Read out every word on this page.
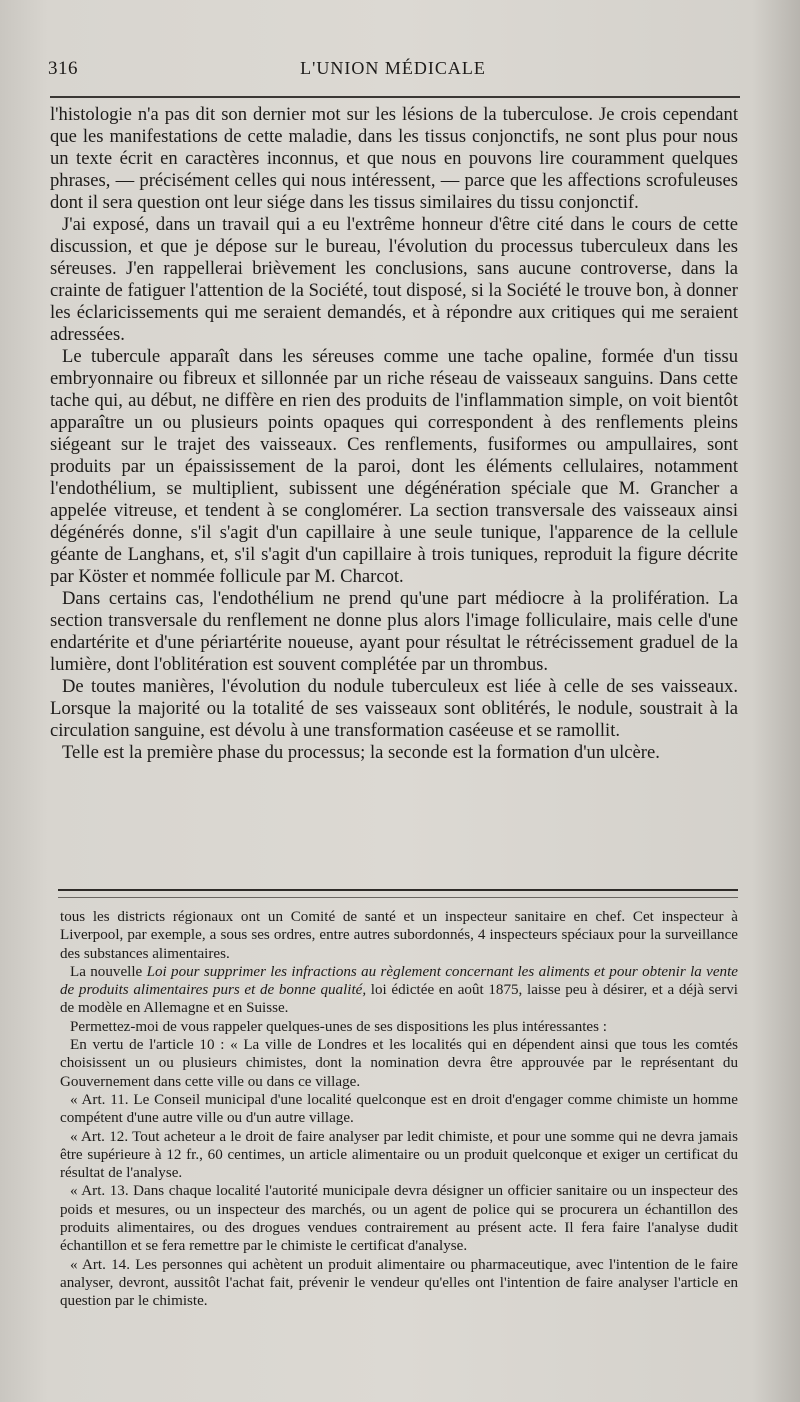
316	L'UNION MÉDICALE

l'histologie n'a pas dit son dernier mot sur les lésions de la tuberculose. Je crois cependant que les manifestations de cette maladie, dans les tissus conjonctifs, ne sont plus pour nous un texte écrit en caractères inconnus, et que nous en pouvons lire couramment quelques phrases, — précisément celles qui nous intéressent, — parce que les affections scrofuleuses dont il sera question ont leur siége dans les tissus similaires du tissu conjonctif.

J'ai exposé, dans un travail qui a eu l'extrême honneur d'être cité dans le cours de cette discussion, et que je dépose sur le bureau, l'évolution du processus tuberculeux dans les séreuses. J'en rappellerai brièvement les conclusions, sans aucune controverse, dans la crainte de fatiguer l'attention de la Société, tout disposé, si la Société le trouve bon, à donner les éclaricissements qui me seraient demandés, et à répondre aux critiques qui me seraient adressées.

Le tubercule apparaît dans les séreuses comme une tache opaline, formée d'un tissu embryonnaire ou fibreux et sillonnée par un riche réseau de vaisseaux sanguins. Dans cette tache qui, au début, ne diffère en rien des produits de l'inflammation simple, on voit bientôt apparaître un ou plusieurs points opaques qui correspondent à des renflements pleins siégeant sur le trajet des vaisseaux. Ces renflements, fusiformes ou ampullaires, sont produits par un épaississement de la paroi, dont les éléments cellulaires, notamment l'endothélium, se multiplient, subissent une dégénération spéciale que M. Grancher a appelée vitreuse, et tendent à se conglomérer. La section transversale des vaisseaux ainsi dégénérés donne, s'il s'agit d'un capillaire à une seule tunique, l'apparence de la cellule géante de Langhans, et, s'il s'agit d'un capillaire à trois tuniques, reproduit la figure décrite par Köster et nommée follicule par M. Charcot.

Dans certains cas, l'endothélium ne prend qu'une part médiocre à la prolifération. La section transversale du renflement ne donne plus alors l'image folliculaire, mais celle d'une endartérite et d'une périartérite noueuse, ayant pour résultat le rétrécissement graduel de la lumière, dont l'oblitération est souvent complétée par un thrombus.

De toutes manières, l'évolution du nodule tuberculeux est liée à celle de ses vaisseaux. Lorsque la majorité ou la totalité de ses vaisseaux sont oblitérés, le nodule, soustrait à la circulation sanguine, est dévolu à une transformation caséeuse et se ramollit.

Telle est la première phase du processus; la seconde est la formation d'un ulcère.

tous les districts régionaux ont un Comité de santé et un inspecteur sanitaire en chef. Cet inspecteur à Liverpool, par exemple, a sous ses ordres, entre autres subordonnés, 4 inspecteurs spéciaux pour la surveillance des substances alimentaires.

La nouvelle Loi pour supprimer les infractions au règlement concernant les aliments et pour obtenir la vente de produits alimentaires purs et de bonne qualité, loi édictée en août 1875, laisse peu à désirer, et a déjà servi de modèle en Allemagne et en Suisse.

Permettez-moi de vous rappeler quelques-unes de ses dispositions les plus intéressantes :

En vertu de l'article 10 : « La ville de Londres et les localités qui en dépendent ainsi que tous les comtés choisissent un ou plusieurs chimistes, dont la nomination devra être approuvée par le représentant du Gouvernement dans cette ville ou dans ce village.

« Art. 11. Le Conseil municipal d'une localité quelconque est en droit d'engager comme chimiste un homme compétent d'une autre ville ou d'un autre village.

« Art. 12. Tout acheteur a le droit de faire analyser par ledit chimiste, et pour une somme qui ne devra jamais être supérieure à 12 fr., 60 centimes, un article alimentaire ou un produit quelconque et exiger un certificat du résultat de l'analyse.

« Art. 13. Dans chaque localité l'autorité municipale devra désigner un officier sanitaire ou un inspecteur des poids et mesures, ou un inspecteur des marchés, ou un agent de police qui se procurera un échantillon des produits alimentaires, ou des drogues vendues contrairement au présent acte. Il fera faire l'analyse dudit échantillon et se fera remettre par le chimiste le certificat d'analyse.

« Art. 14. Les personnes qui achètent un produit alimentaire ou pharmaceutique, avec l'intention de le faire analyser, devront, aussitôt l'achat fait, prévenir le vendeur qu'elles ont l'intention de faire analyser l'article en question par le chimiste.
